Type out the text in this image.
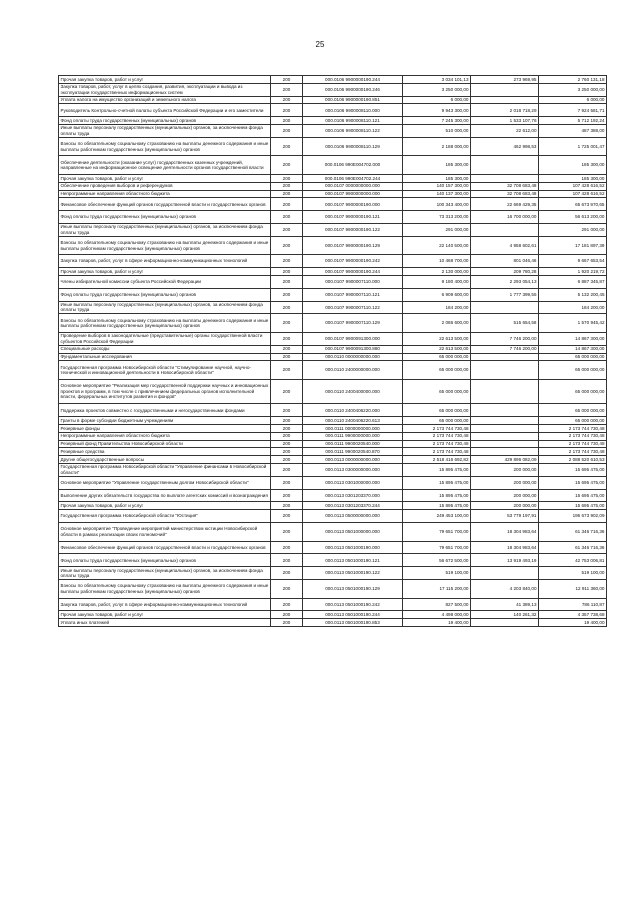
25
Прочая закупка товаров, работ и услуг	200	000.0106 9900000190.244	3 034 101,13	273 969,95	2 760 131,18
Закупка товаров, работ, услуг в целях создания, развития, эксплуатации и вывода из эксплуатации государственных информационных систем	200	000.0106 9900000190.246	3 250 000,00		3 250 000,00
Уплата налога на имущество организаций и земельного налога	200	000.0106 9900000190.851	6 000,00		6 000,00
Руководитель Контрольно-счетной палаты субъекта Российской Федерации и его заместители	200	000.0106 9900008110.000	9 943 300,00	2 018 718,29	7 924 581,71
Фонд оплаты труда государственных (муниципальных) органов	200	000.0106 9900008110.121	7 245 300,00	1 533 107,76	5 712 192,24
Иные выплаты персоналу государственных (муниципальных) органов, за исключением фонда оплаты труда	200	000.0106 9900008110.122	510 000,00	22 612,00	487 388,00
Взносы по обязательному социальному страхованию на выплаты денежного содержания и иные выплаты работникам государственных (муниципальных) органов	200	000.0106 9900008110.129	2 188 000,00	462 998,53	1 725 001,47
Обеспечение деятельности (оказание услуг) государственных казенных учреждений, направленные на информационное освещение деятельности органов государственной власти	200	000.0106 990Е004702.000	185 300,00		185 300,00
Прочая закупка товаров, работ и услуг	200	000.0106 990Е004702.244	185 300,00		185 300,00
Обеспечение проведения выборов и референдумов	200	000.0107 0000000000.000	140 157 300,00	32 708 683,48	107 428 616,52
Непрограммные направления областного бюджета	200	000.0107 9900000000.000	140 137 300,00	32 708 683,48	107 428 616,52
Финансовое обеспечение функций органов государственной власти и государственных органов	200	000.0107 9900000190.000	100 343 400,00	22 669 429,35	65 673 970,65
Фонд оплаты труда государственных (муниципальных) органов	200	000.0107 9900000190.121	73 313 200,00	16 700 000,00	56 613 200,00
Иные выплаты персоналу государственных (муниципальных) органов, за исключением фонда оплаты труда	200	000.0107 9900000190.122	291 000,00		291 000,00
Взносы по обязательному социальному страхованию на выплаты денежного содержания и иные выплаты работникам государственных (муниципальных) органов	200	000.0107 9900000190.129	22 140 500,00	4 958 602,61	17 181 897,39
Закупка товаров, работ, услуг в сфере информационно-коммуникационных технологий	200	000.0107 9900000190.242	10 468 700,00	801 046,46	9 667 653,54
Прочая закупка товаров, работ и услуг	200	000.0107 9900000190.244	2 130 000,00	209 780,28	1 920 219,72
Члены избирательной комиссии субъекта Российской Федерации	200	000.0107 9900007110.000	9 180 400,00	2 293 054,13	6 887 345,87
Фонд оплаты труда государственных (муниципальных) органов	200	000.0107 9900007110.121	6 909 600,00	1 777 399,55	5 132 200,45
Иные выплаты персоналу государственных (муниципальных) органов, за исключением фонда оплаты труда	200	000.0107 9900007110.122	184 200,00		184 200,00
Взносы по обязательному социальному страхованию на выплаты денежного содержания и иные выплаты работникам государственных (муниципальных) органов	200	000.0107 9900007110.129	2 086 600,00	515 654,58	1 570 945,42
Проведение выборов в законодательные (представительные) органы государственной власти субъектов Российской Федерации	200	000.0107 9900091300.000	22 613 500,00	7 746 200,00	14 867 300,00
Специальные расходы	200	000.0107 9900091300.880	22 613 500,00	7 746 200,00	14 867 300,00
Фундаментальные исследования	200	000.0110 0000000000.000	65 000 000,00		65 000 000,00
Государственная программа Новосибирской области "Стимулирование научной, научно-технической и инновационной деятельности в Новосибирской области"	200	000.0110 2400000000.000	65 000 000,00		65 000 000,00
Основное мероприятие "Реализация мер государственной поддержки научных и инновационных проектов и программ, в том числе с привлечением федеральных органов исполнительной власти, федеральных институтов развития и фондов"	200	000.0110 2400400000.000	65 000 000,00		65 000 000,00
Поддержка проектов совместно с государственными и негосударственными фондами	200	000.0110 2400406220.000	65 000 000,00		65 000 000,00
Гранты в форме субсидии бюджетным учреждениям	200	000.0110 2400406220.613	65 000 000,00		65 000 000,00
Резервные фонды	200	000.0111 0000000000.000	2 173 744 730,48		2 173 744 730,48
Непрограммные направления областного бюджета	200	000.0111 9900000000.000	2 173 744 730,48		2 173 744 730,48
Резервный фонд Правительства Новосибирской области	200	000.0111 9900020540.000	2 173 744 730,48		2 173 744 730,48
Резервные средства	200	000.0111 9900020540.870	2 173 744 730,48		2 173 744 730,48
Другие общегосударственные вопросы	200	000.0113 0000000000.000	2 518 416 692,82	429 896 082,09	2 088 520 610,53
Государственная программа Новосибирской области "Управление финансами в Новосибирской области"	200	000.0113 0300000000.000	15 895 475,00	200 000,00	15 695 475,00
Основное мероприятие "Управление государственным долгом Новосибирской области"	200	000.0113 0301000000.000	15 895 475,00	200 000,00	15 695 475,00
Выполнение других обязательств государства по выплате агентских комиссий и вознаграждения	200	000.0113 0301203370.000	15 895 475,00	200 000,00	15 695 475,00
Прочая закупка товаров, работ и услуг	200	000.0113 0301203370.244	15 895 475,00	200 000,00	15 695 475,00
Государственная программа Новосибирской области "Юстиция"	200	000.0113 0500000000.000	249 453 100,00	53 779 197,91	195 673 902,09
Основное мероприятие "Проведение мероприятий министерством юстиции Новосибирской области в рамках реализации своих полномочий"	200	000.0113 0501000000.000	79 651 700,00	18 304 983,64	61 346 716,36
Финансовое обеспечение функций органов государственной власти и государственных органов	200	000.0113 0501000190.000	79 651 700,00	18 304 983,64	61 346 716,36
Фонд оплаты труда государственных (муниципальных) органов	200	000.0113 0501000190.121	56 672 500,00	13 919 493,19	42 753 006,81
Иные выплаты персоналу государственных (муниципальных) органов, за исключением фонда оплаты труда	200	000.0113 0501000190.122	519 100,00		519 100,00
Взносы по обязательному социальному страхованию на выплаты денежного содержания и иные выплаты работникам государственных (муниципальных) органов	200	000.0113 0501000190.129	17 115 200,00	4 203 840,00	12 911 360,00
Закупка товаров, работ, услуг в сфере информационно-коммуникационных технологий	200	000.0113 0501000190.242	827 500,00	41 389,13	786 110,87
Прочая закупка товаров, работ и услуг	200	000.0113 0501000190.244	4 498 000,00	140 261,32	4 357 738,68
Уплата иных платежей	200	000.0113 0501000190.853	19 400,00		19 400,00
